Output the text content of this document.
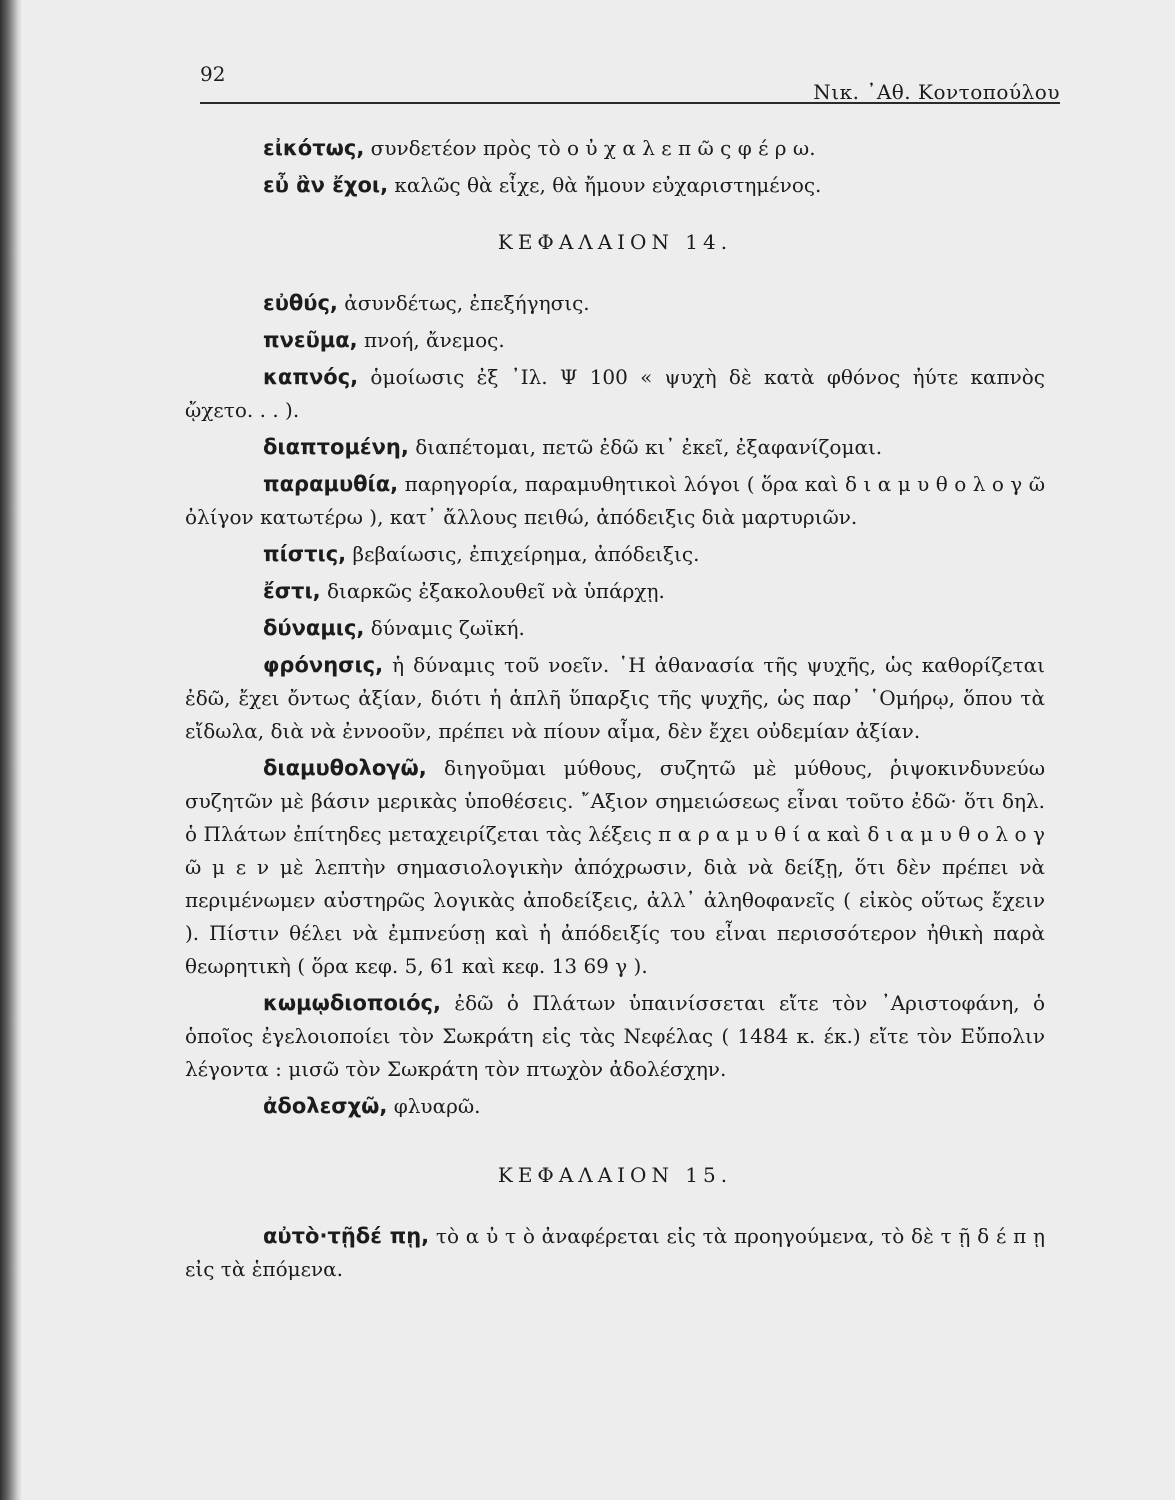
92
Νικ. ᾿Αθ. Κοντοπούλου

εἰκότως, συνδετέον πρὸς τὸ ο ὐ χ α λ ε π ῶ ς φ έ ρ ω.

εὖ ἂν ἔχοι, καλῶς θὰ εἶχε, θὰ ἤμουν εὐχαριστημένος.

ΚΕΦΑΛΑΙΟΝ 14.

εὐθύς, ἀσυνδέτως, ἐπεξήγησις.

πνεῦμα, πνοή, ἄνεμος.

καπνός, ὁμοίωσις ἐξ ᾿Ιλ. Ψ 100 « ψυχὴ δὲ κατὰ φθόνος ἠύτε καπνὸς ᾤχετο. . . ).

διαπτομένη, διαπέτομαι, πετῶ ἐδῶ κι᾿ ἐκεῖ, ἐξαφανίζομαι.

παραμυθία, παρηγορία, παραμυθητικοὶ λόγοι ( ὅρα καὶ δ ι α μ υ θ ο λ ο γ ῶ ὀλίγον κατωτέρω ), κατ᾿ ἄλλους πειθώ, ἀπόδειξις διὰ μαρτυριῶν.

πίστις, βεβαίωσις, ἐπιχείρημα, ἀπόδειξις.

ἔστι, διαρκῶς ἐξακολουθεῖ νὰ ὑπάρχῃ.

δύναμις, δύναμις ζωϊκή.

φρόνησις, ἡ δύναμις τοῦ νοεῖν. ῾Η ἀθανασία τῆς ψυχῆς, ὡς καθορίζεται ἐδῶ, ἔχει ὄντως ἀξίαν, διότι ἡ ἁπλῆ ὕπαρξις τῆς ψυχῆς, ὡς παρ᾿ ῾Ομήρῳ, ὅπου τὰ εἴδωλα, διὰ νὰ ἐννοοῦν, πρέπει νὰ πίουν αἷμα, δὲν ἔχει οὐδεμίαν ἀξίαν.

διαμυθολογῶ, διηγοῦμαι μύθους, συζητῶ μὲ μύθους, ῥιψοκινδυνεύω συζητῶν μὲ βάσιν μερικὰς ὑποθέσεις. ῎Αξιον σημειώσεως εἶναι τοῦτο ἐδῶ· ὅτι δηλ. ὁ Πλάτων ἐπίτηδες μεταχειρίζεται τὰς λέξεις π α ρ α μ υ θ ί α καὶ δ ι α μ υ θ ο λ ο γ ῶ μ ε ν μὲ λεπτὴν σημασιολογικὴν ἀπόχρωσιν, διὰ νὰ δείξῃ, ὅτι δὲν πρέπει νὰ περιμένωμεν αὐστηρῶς λογικὰς ἀποδείξεις, ἀλλ᾿ ἀληθοφανεῖς ( εἰκὸς οὕτως ἔχειν ). Πίστιν θέλει νὰ ἐμπνεύσῃ καὶ ἡ ἀπόδειξίς του εἶναι περισσότερον ἠθικὴ παρὰ θεωρητικὴ ( ὅρα κεφ. 5, 61 καὶ κεφ. 13 69 γ ).

κωμῳδιοποιός, ἐδῶ ὁ Πλάτων ὑπαινίσσεται εἴτε τὸν ᾿Αριστοφάνη, ὁ ὁποῖος ἐγελοιοποίει τὸν Σωκράτη εἰς τὰς Νεφέλας ( 1484 κ. έκ.) εἴτε τὸν Εὔπολιν λέγοντα : μισῶ τὸν Σωκράτη τὸν πτωχὸν ἀδολέσχην.

ἀδολεσχῶ, φλυαρῶ.

ΚΕΦΑΛΑΙΟΝ 15.

αὐτὸ·τῇδέ πῃ, τὸ α ὐ τ ὸ ἀναφέρεται εἰς τὰ προηγούμενα, τὸ δὲ τ ῇ δ έ π ῃ εἰς τὰ ἑπόμενα.
